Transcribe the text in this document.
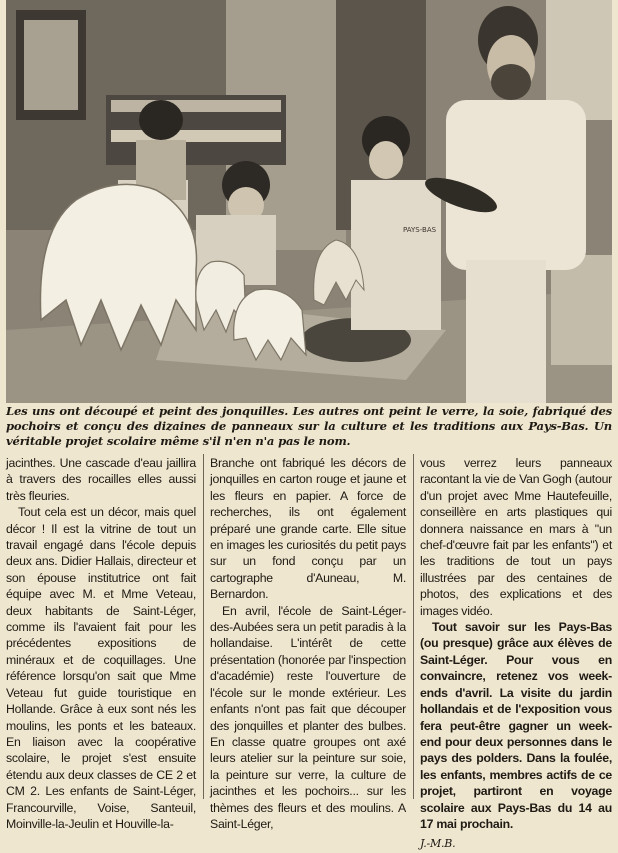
PAYS-BAS

Les uns ont découpé et peint des jonquilles. Les autres ont peint le verre, la soie, fabriqué des pochoirs et conçu des dizaines de panneaux sur la culture et les traditions aux Pays-Bas. Un véritable projet scolaire même s'il n'en n'a pas le nom.

jacinthes. Une cascade d'eau jaillira à travers des rocailles elles aussi très fleuries.

Tout cela est un décor, mais quel décor ! Il est la vitrine de tout un travail engagé dans l'école depuis deux ans. Didier Hallais, directeur et son épouse institutrice ont fait équipe avec M. et Mme Veteau, deux habitants de Saint-Léger, comme ils l'avaient fait pour les précédentes expositions de minéraux et de coquillages. Une référence lorsqu'on sait que Mme Veteau fut guide touristique en Hollande. Grâce à eux sont nés les moulins, les ponts et les bateaux. En liaison avec la coopérative scolaire, le projet s'est ensuite étendu aux deux classes de CE 2 et CM 2. Les enfants de Saint-Léger, Francourville, Voise, Santeuil, Moinville-la-Jeulin et Houville-la-

Branche ont fabriqué les décors de jonquilles en carton rouge et jaune et les fleurs en papier. A force de recherches, ils ont également préparé une grande carte. Elle situe en images les curiosités du petit pays sur un fond conçu par un cartographe d'Auneau, M. Bernardon.

En avril, l'école de Saint-Léger-des-Aubées sera un petit paradis à la hollandaise. L'intérêt de cette présentation (honorée par l'inspection d'académie) reste l'ouverture de l'école sur le monde extérieur. Les enfants n'ont pas fait que découper des jonquilles et planter des bulbes. En classe quatre groupes ont axé leurs atelier sur la peinture sur soie, la peinture sur verre, la culture de jacinthes et les pochoirs... sur les thèmes des fleurs et des moulins. A Saint-Léger,

vous verrez leurs panneaux racontant la vie de Van Gogh (autour d'un projet avec Mme Hautefeuille, conseillère en arts plastiques qui donnera naissance en mars à "un chef-d'œuvre fait par les enfants") et les traditions de tout un pays illustrées par des centaines de photos, des explications et des images vidéo.

Tout savoir sur les Pays-Bas (ou presque) grâce aux élèves de Saint-Léger. Pour vous en convaincre, retenez vos week-ends d'avril. La visite du jardin hollandais et de l'exposition vous fera peut-être gagner un week-end pour deux personnes dans le pays des polders. Dans la foulée, les enfants, membres actifs de ce projet, partiront en voyage scolaire aux Pays-Bas du 14 au 17 mai prochain.

J.-M.B.
